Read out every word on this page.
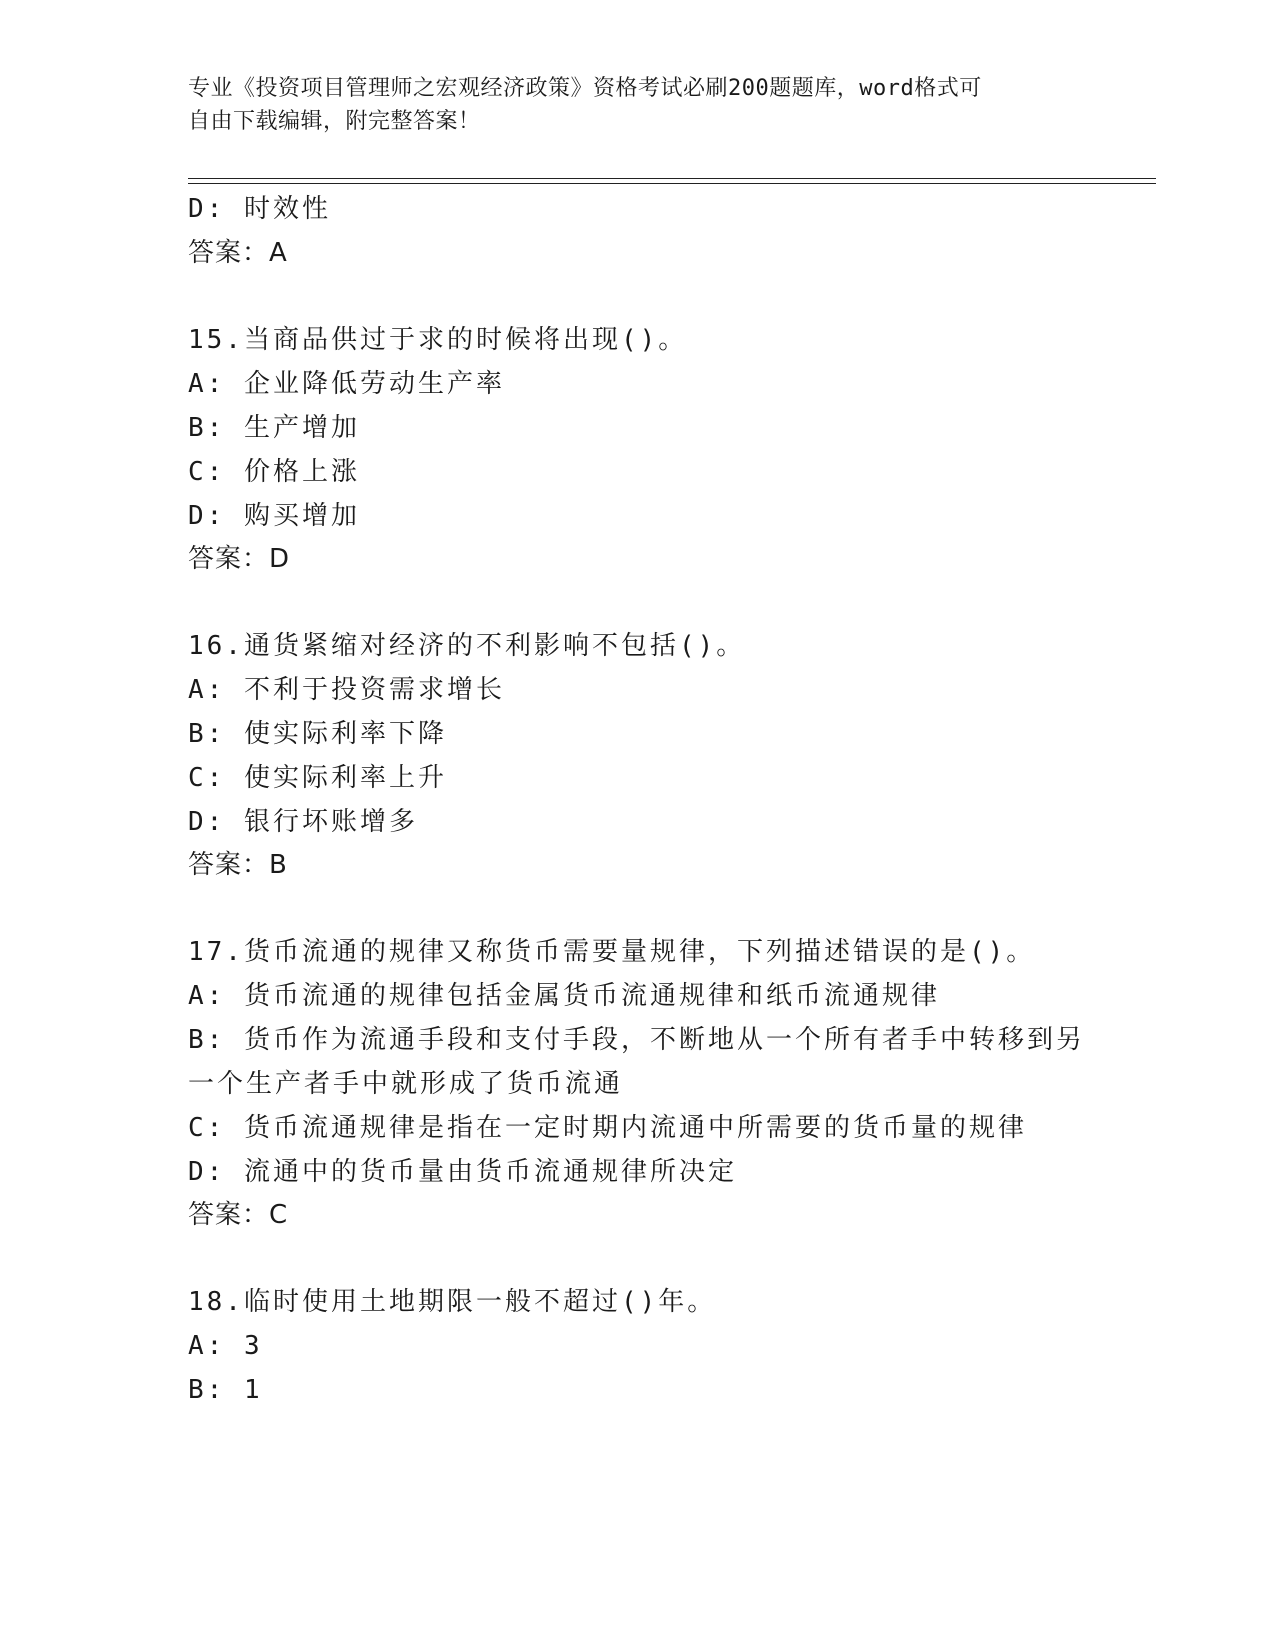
专业《投资项目管理师之宏观经济政策》资格考试必刷200题题库，word格式可
自由下载编辑，附完整答案！
D: 时效性
答案：A
15.当商品供过于求的时候将出现()。
A: 企业降低劳动生产率
B: 生产增加
C: 价格上涨
D: 购买增加
答案：D
16.通货紧缩对经济的不利影响不包括()。
A: 不利于投资需求增长
B: 使实际利率下降
C: 使实际利率上升
D: 银行坏账增多
答案：B
17.货币流通的规律又称货币需要量规律，下列描述错误的是()。
A: 货币流通的规律包括金属货币流通规律和纸币流通规律
B: 货币作为流通手段和支付手段，不断地从一个所有者手中转移到另
一个生产者手中就形成了货币流通
C: 货币流通规律是指在一定时期内流通中所需要的货币量的规律
D: 流通中的货币量由货币流通规律所决定
答案：C
18.临时使用土地期限一般不超过()年。
A: 3
B: 1
